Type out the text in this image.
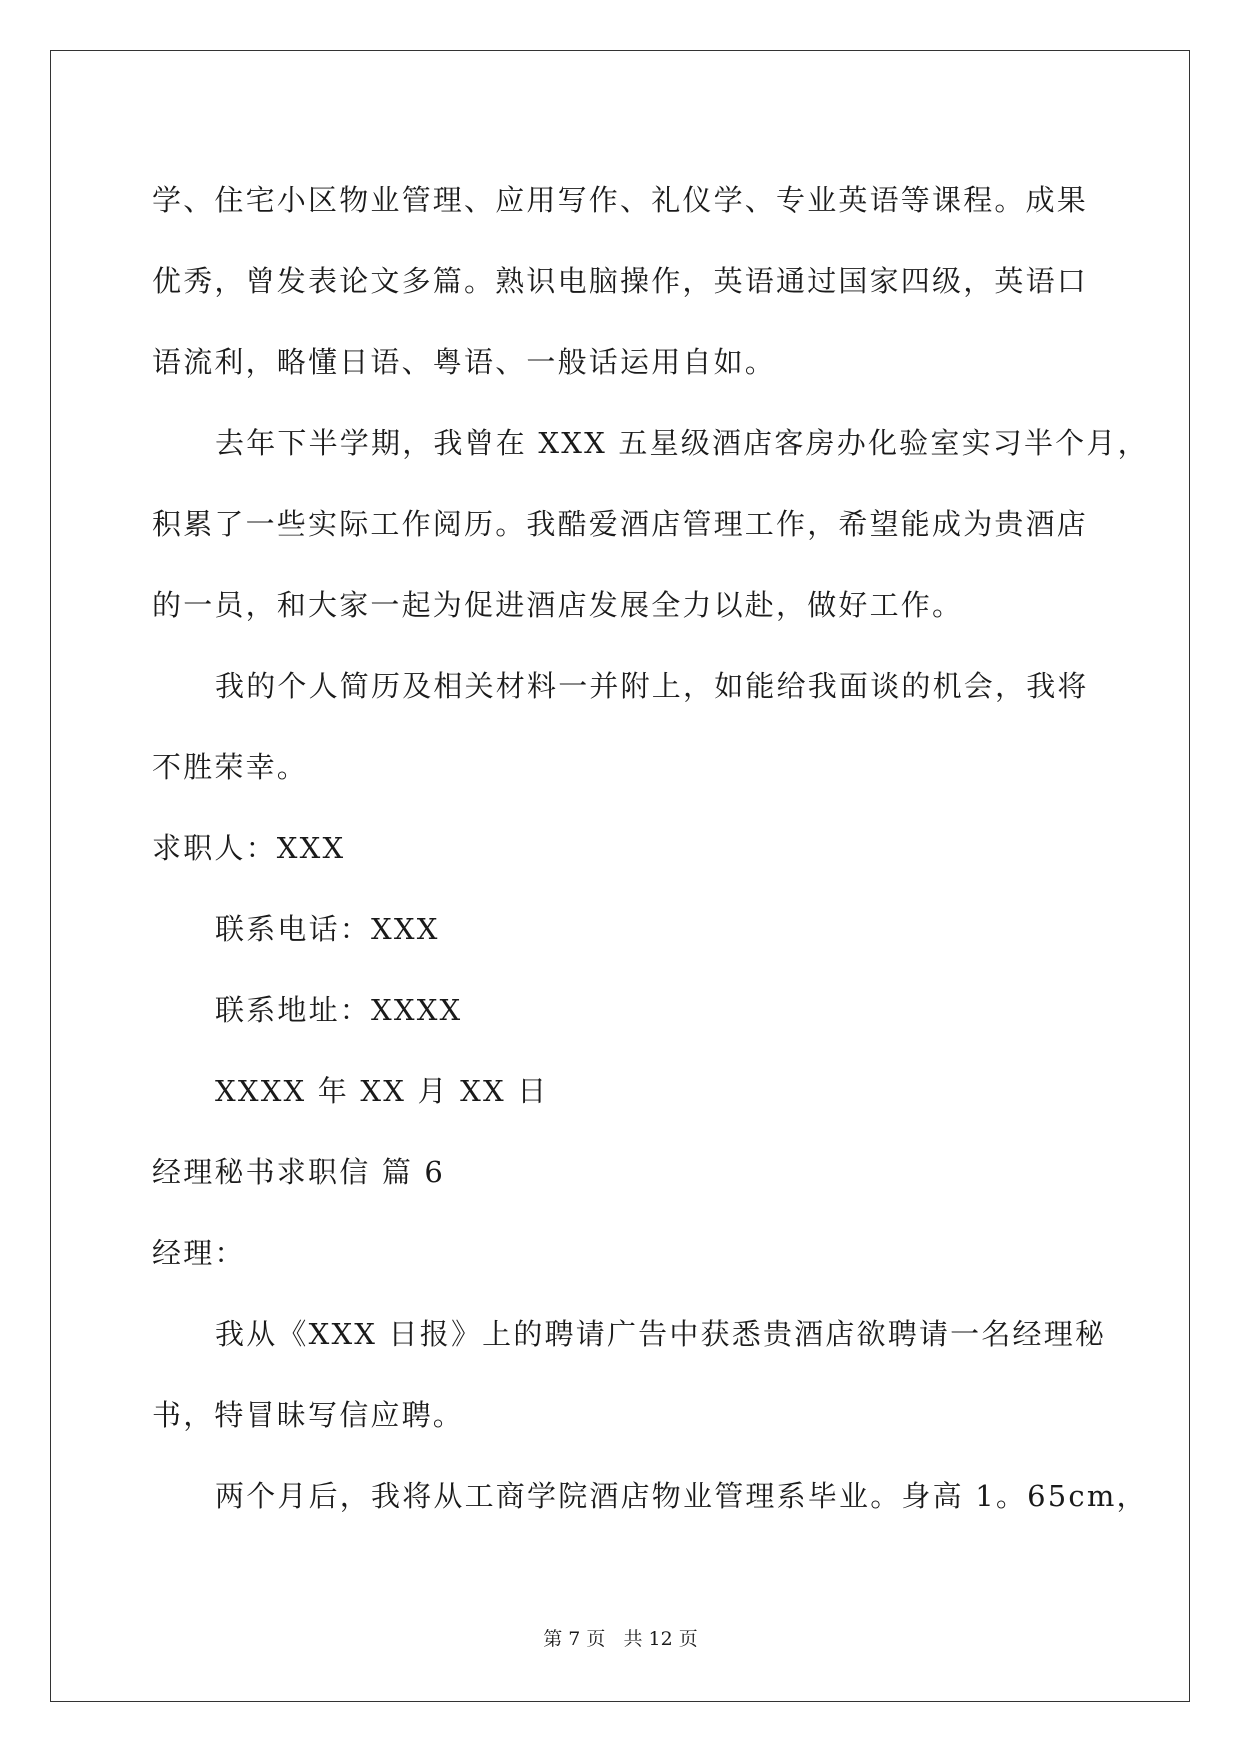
学、住宅小区物业管理、应用写作、礼仪学、专业英语等课程。成果
优秀，曾发表论文多篇。熟识电脑操作，英语通过国家四级，英语口
语流利，略懂日语、粤语、一般话运用自如。
去年下半学期，我曾在 XXX 五星级酒店客房办化验室实习半个月，
积累了一些实际工作阅历。我酷爱酒店管理工作，希望能成为贵酒店
的一员，和大家一起为促进酒店发展全力以赴，做好工作。
我的个人简历及相关材料一并附上，如能给我面谈的机会，我将
不胜荣幸。
求职人：XXX
联系电话：XXX
联系地址：XXXX
XXXX 年 XX 月 XX 日
经理秘书求职信 篇 6
经理：
我从《XXX 日报》上的聘请广告中获悉贵酒店欲聘请一名经理秘
书，特冒昧写信应聘。
两个月后，我将从工商学院酒店物业管理系毕业。身高 1。65cm，
第 7 页 共 12 页
